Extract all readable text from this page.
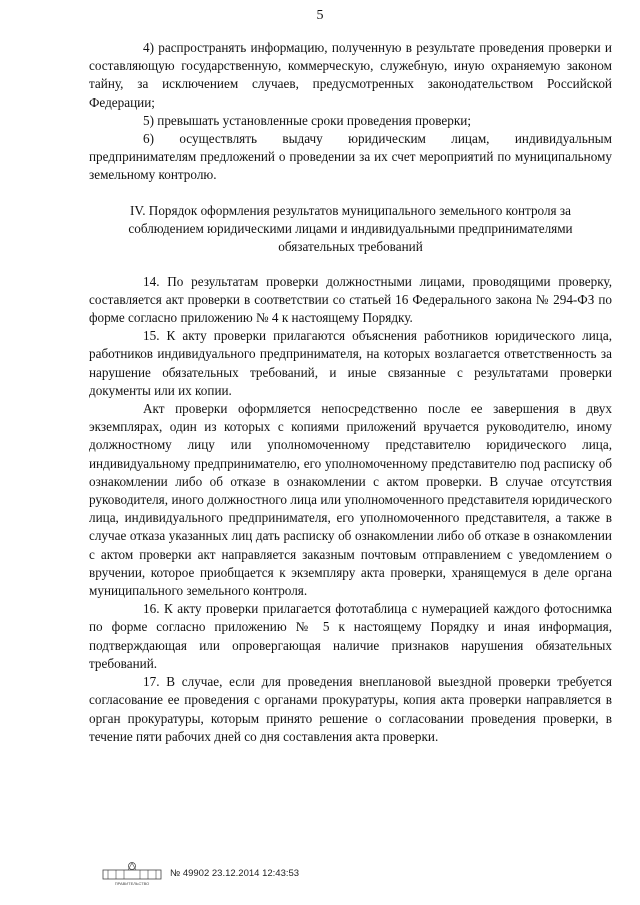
5

4) распространять информацию, полученную в результате проведения проверки и составляющую государственную, коммерческую, служебную, иную охраняемую законом тайну, за исключением случаев, предусмотренных законодательством Российской Федерации;

5) превышать установленные сроки проведения проверки;

6) осуществлять выдачу юридическим лицам, индивидуальным предпринимателям предложений о проведении за их счет мероприятий по муниципальному земельному контролю.

IV. Порядок оформления результатов муниципального земельного контроля за соблюдением юридическими лицами и индивидуальными предпринимателями обязательных требований

14. По результатам проверки должностными лицами, проводящими проверку, составляется акт проверки в соответствии со статьей 16 Федерального закона № 294-ФЗ по форме согласно приложению № 4 к настоящему Порядку.

15. К акту проверки прилагаются объяснения работников юридического лица, работников индивидуального предпринимателя, на которых возлагается ответственность за нарушение обязательных требований, и иные связанные с результатами проверки документы или их копии.

Акт проверки оформляется непосредственно после ее завершения в двух экземплярах, один из которых с копиями приложений вручается руководителю, иному должностному лицу или уполномоченному представителю юридического лица, индивидуальному предпринимателю, его уполномоченному представителю под расписку об ознакомлении либо об отказе в ознакомлении с актом проверки. В случае отсутствия руководителя, иного должностного лица или уполномоченного представителя юридического лица, индивидуального предпринимателя, его уполномоченного представителя, а также в случае отказа указанных лиц дать расписку об ознакомлении либо об отказе в ознакомлении с актом проверки акт направляется заказным почтовым отправлением с уведомлением о вручении, которое приобщается к экземпляру акта проверки, хранящемуся в деле органа муниципального земельного контроля.

16. К акту проверки прилагается фототаблица с нумерацией каждого фотоснимка по форме согласно приложению № 5 к настоящему Порядку и иная информация, подтверждающая или опровергающая наличие признаков нарушения обязательных требований.

17. В случае, если для проведения внеплановой выездной проверки требуется согласование ее проведения с органами прокуратуры, копия акта проверки направляется в орган прокуратуры, которым принято решение о согласовании проведения проверки, в течение пяти рабочих дней со дня составления акта проверки.

ПРАВИТЕЛЬСТВО
№ 49902 23.12.2014 12:43:53
